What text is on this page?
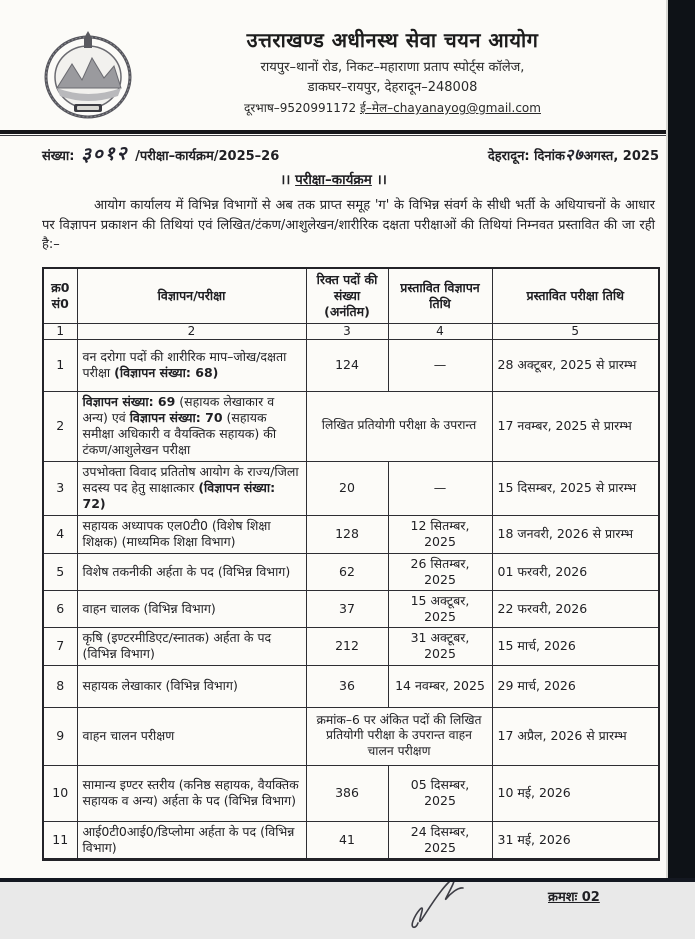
उत्तराखण्ड अधीनस्थ सेवा चयन आयोग
रायपुर–थानों रोड, निकट–महाराणा प्रताप स्पोर्ट्स कॉलेज,
डाकघर–रायपुर, देहरादून–248008
दूरभाष–9520991172 ई–मेल–chayanayog@gmail.com
संख्या: ३०१२ /परीक्षा–कार्यक्रम/2025–26	देहरादून: दिनांक२७अगस्त, 2025
।। परीक्षा–कार्यक्रम ।।
आयोग कार्यालय में विभिन्न विभागों से अब तक प्राप्त समूह 'ग' के विभिन्न संवर्ग के सीधी भर्ती के अधियाचनों के आधार पर विज्ञापन प्रकाशन की तिथियां एवं लिखित/टंकण/आशुलेखन/शारीरिक दक्षता परीक्षाओं की तिथियां निम्नवत प्रस्तावित की जा रही है:–
क्र0 सं0	विज्ञापन/परीक्षा	रिक्त पदों की संख्या (अनंतिम)	प्रस्तावित विज्ञापन तिथि	प्रस्तावित परीक्षा तिथि
1	2	3	4	5
1	वन दरोगा पदों की शारीरिक माप–जोख/दक्षता परीक्षा (विज्ञापन संख्या: 68)	124	—	28 अक्टूबर, 2025 से प्रारम्भ
2	विज्ञापन संख्या: 69 (सहायक लेखाकार व अन्य) एवं विज्ञापन संख्या: 70 (सहायक समीक्षा अधिकारी व वैयक्तिक सहायक) की टंकण/आशुलेखन परीक्षा	लिखित प्रतियोगी परीक्षा के उपरान्त		17 नवम्बर, 2025 से प्रारम्भ
3	उपभोक्ता विवाद प्रतितोष आयोग के राज्य/जिला सदस्य पद हेतु साक्षात्कार (विज्ञापन संख्या: 72)	20	—	15 दिसम्बर, 2025 से प्रारम्भ
4	सहायक अध्यापक एल0टी0 (विशेष शिक्षा शिक्षक) (माध्यमिक शिक्षा विभाग)	128	12 सितम्बर, 2025	18 जनवरी, 2026 से प्रारम्भ
5	विशेष तकनीकी अर्हता के पद (विभिन्न विभाग)	62	26 सितम्बर, 2025	01 फरवरी, 2026
6	वाहन चालक (विभिन्न विभाग)	37	15 अक्टूबर, 2025	22 फरवरी, 2026
7	कृषि (इण्टरमीडिएट/स्नातक) अर्हता के पद (विभिन्न विभाग)	212	31 अक्टूबर, 2025	15 मार्च, 2026
8	सहायक लेखाकार (विभिन्न विभाग)	36	14 नवम्बर, 2025	29 मार्च, 2026
9	वाहन चालन परीक्षण	क्रमांक–6 पर अंकित पदों की लिखित प्रतियोगी परीक्षा के उपरान्त वाहन चालन परीक्षण		17 अप्रैल, 2026 से प्रारम्भ
10	सामान्य इण्टर स्तरीय (कनिष्ठ सहायक, वैयक्तिक सहायक व अन्य) अर्हता के पद (विभिन्न विभाग)	386	05 दिसम्बर, 2025	10 मई, 2026
11	आई0टी0आई0/डिप्लोमा अर्हता के पद (विभिन्न विभाग)	41	24 दिसम्बर, 2025	31 मई, 2026
क्रमशः 02
